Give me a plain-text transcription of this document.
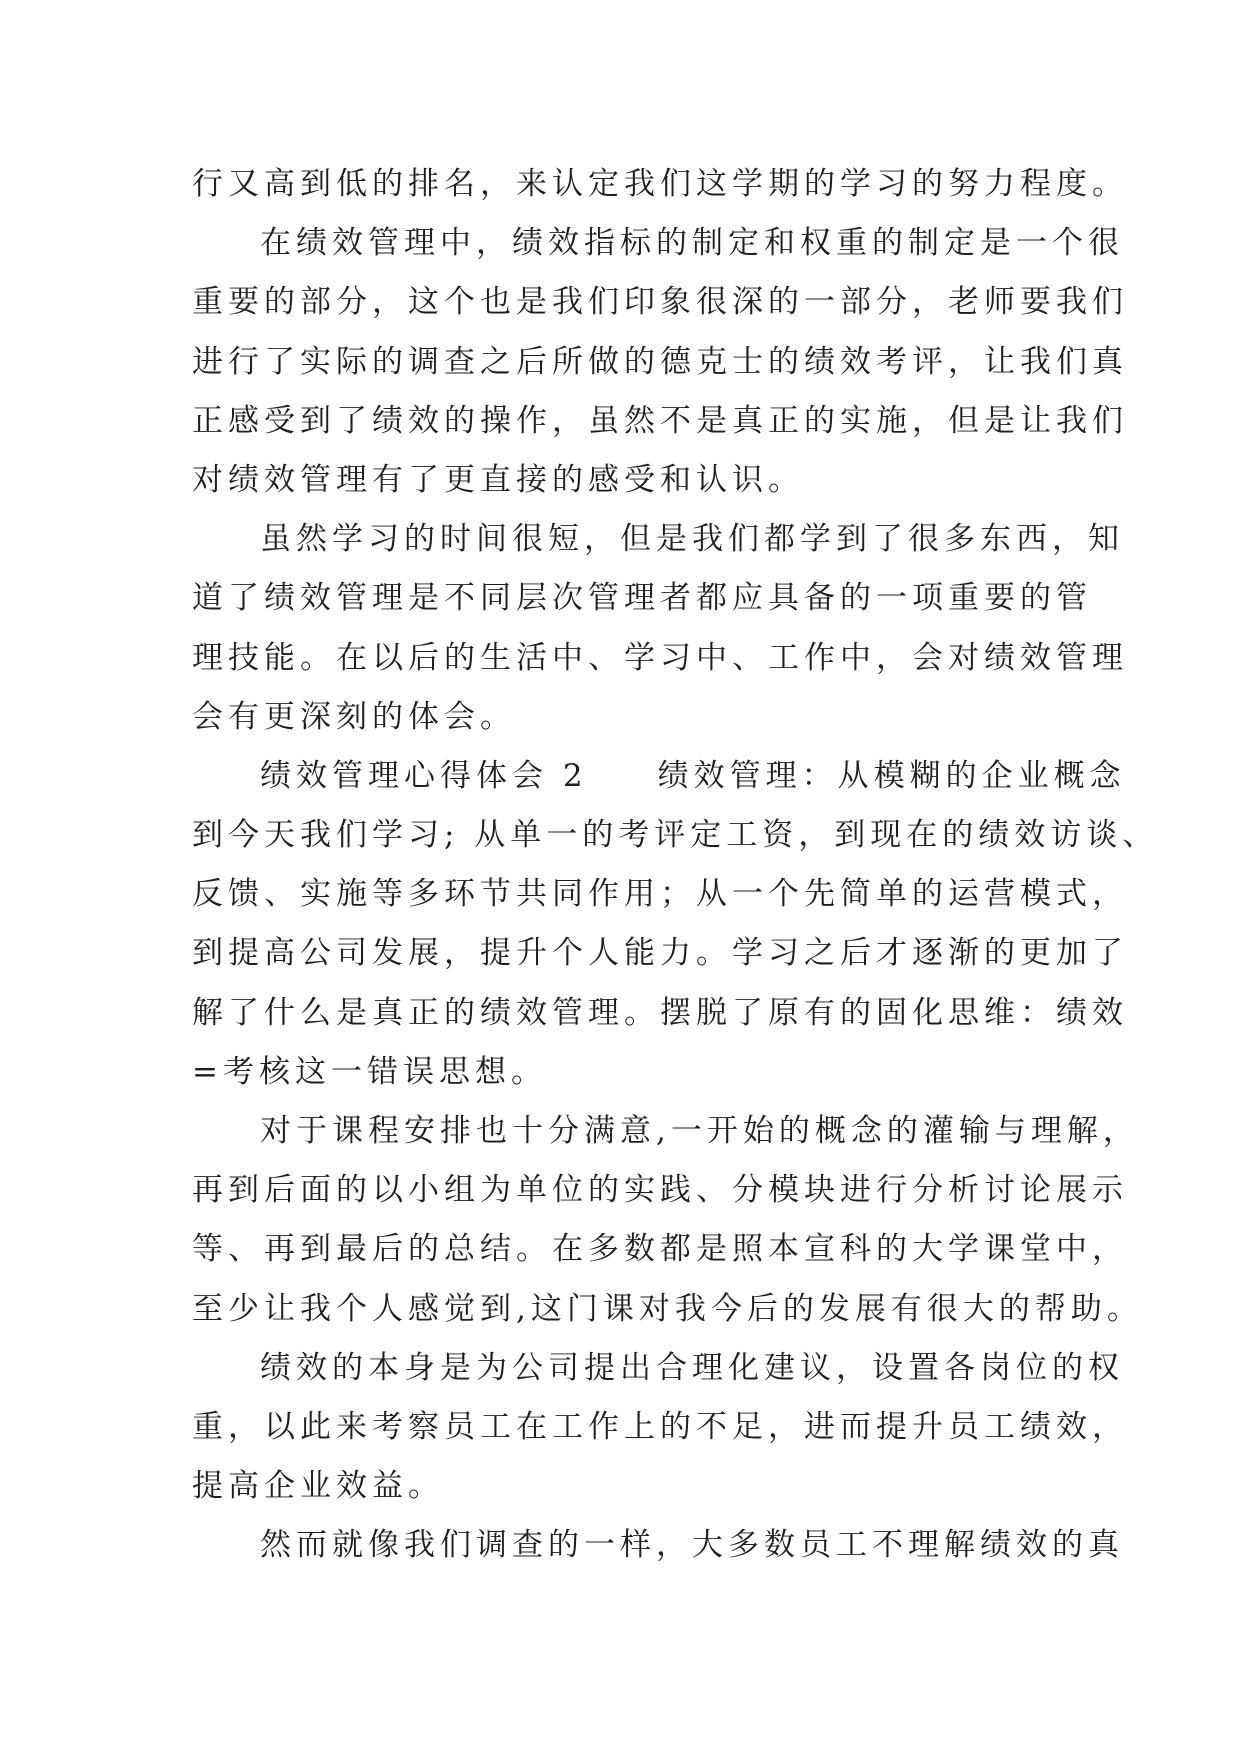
行又高到低的排名，来认定我们这学期的学习的努力程度。
在绩效管理中，绩效指标的制定和权重的制定是一个很
重要的部分，这个也是我们印象很深的一部分，老师要我们
进行了实际的调查之后所做的德克士的绩效考评，让我们真
正感受到了绩效的操作，虽然不是真正的实施，但是让我们
对绩效管理有了更直接的感受和认识。
虽然学习的时间很短，但是我们都学到了很多东西，知
道了绩效管理是不同层次管理者都应具备的一项重要的管
理技能。在以后的生活中、学习中、工作中，会对绩效管理
会有更深刻的体会。
绩效管理心得体会 2 绩效管理：从模糊的企业概念
到今天我们学习; 从单一的考评定工资，到现在的绩效访谈、
反馈、实施等多环节共同作用；从一个先简单的运营模式，
到提高公司发展，提升个人能力。学习之后才逐渐的更加了
解了什么是真正的绩效管理。摆脱了原有的固化思维：绩效
=考核这一错误思想。
对于课程安排也十分满意,一开始的概念的灌输与理解，
再到后面的以小组为单位的实践、分模块进行分析讨论展示
等、再到最后的总结。在多数都是照本宣科的大学课堂中，
至少让我个人感觉到,这门课对我今后的发展有很大的帮助。
绩效的本身是为公司提出合理化建议，设置各岗位的权
重，以此来考察员工在工作上的不足，进而提升员工绩效，
提高企业效益。
然而就像我们调查的一样，大多数员工不理解绩效的真
